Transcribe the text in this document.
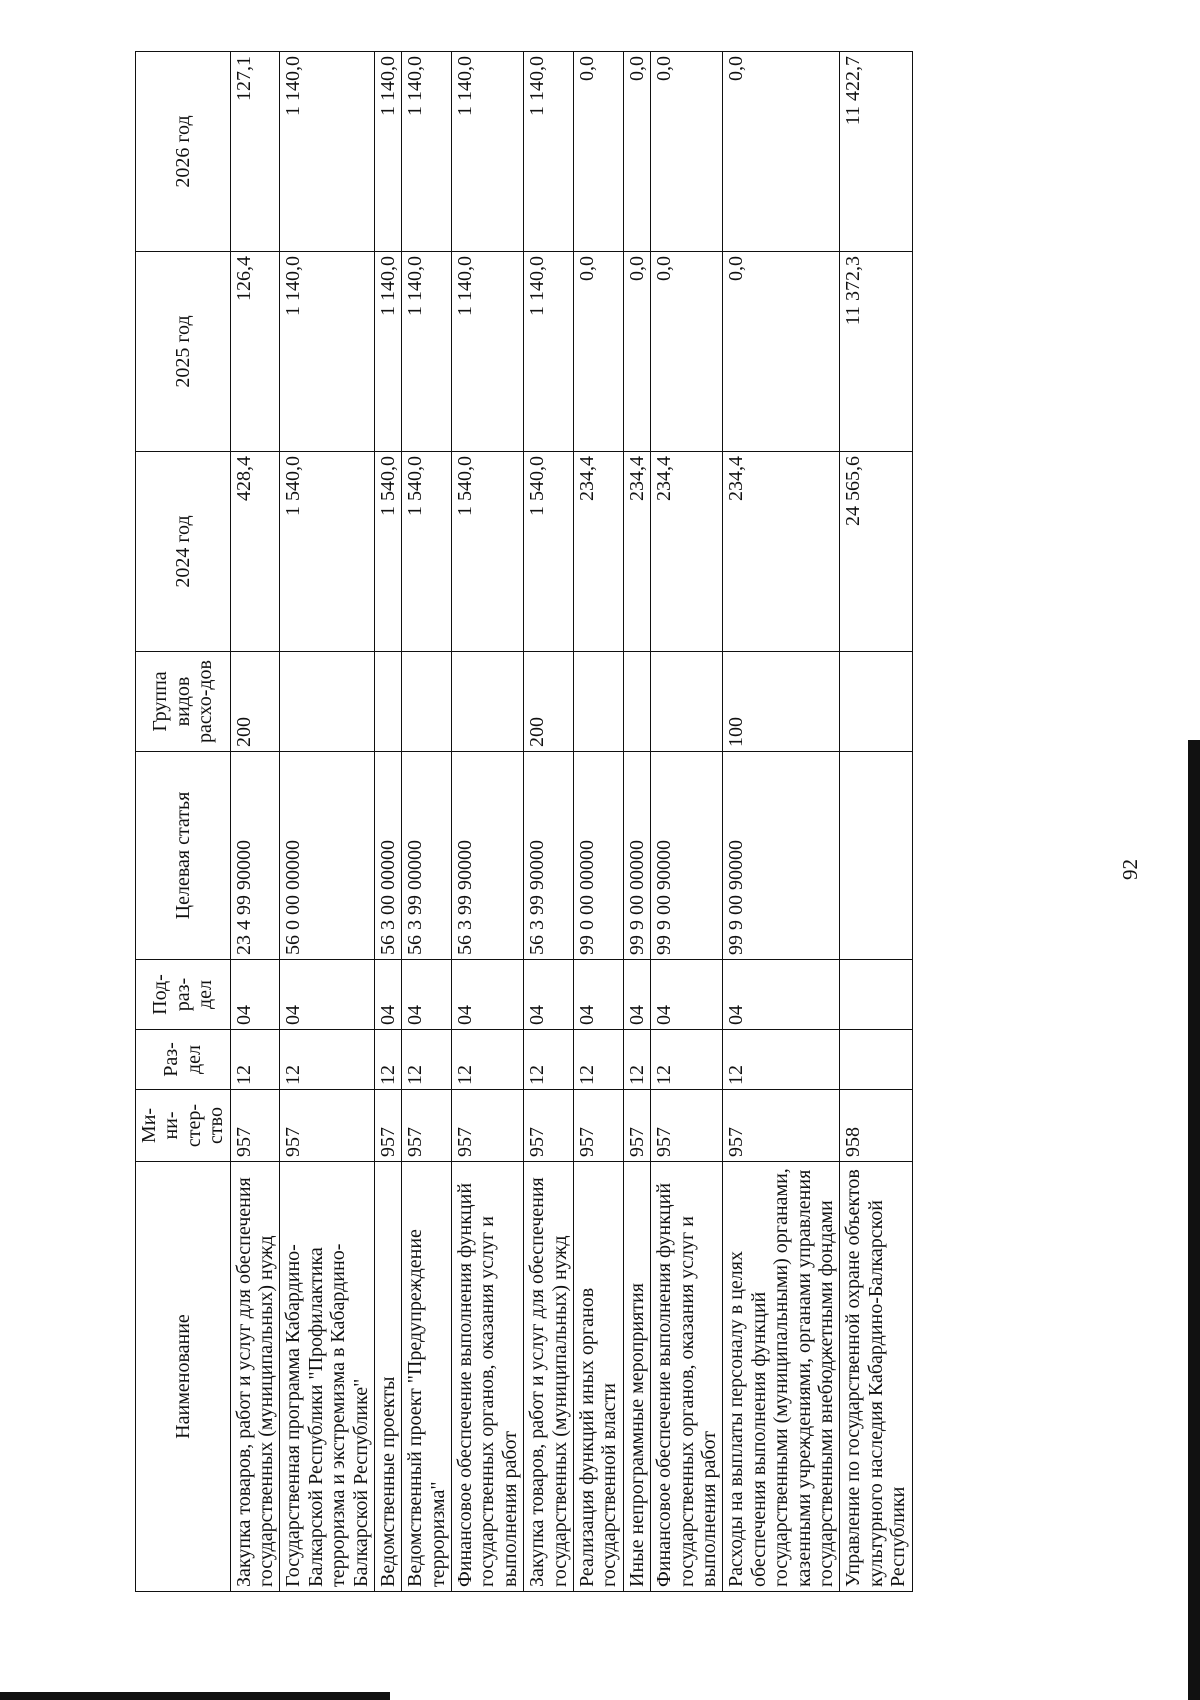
92
Наименование	Ми-ни-стер-ство	Раз-дел	Под-раз-дел	Целевая статья	Группа видов расхо-дов	2024 год	2025 год	2026 год
Закупка товаров, работ и услуг для обеспечения государственных (муниципальных) нужд	957	12	04	23 4 99 90000	200	428,4	126,4	127,1
Государственная программа Кабардино-Балкарской Республики "Профилактика терроризма и экстремизма в Кабардино-Балкарской Республике"	957	12	04	56 0 00 00000		1 540,0	1 140,0	1 140,0
Ведомственные проекты	957	12	04	56 3 00 00000		1 540,0	1 140,0	1 140,0
Ведомственный проект "Предупреждение терроризма"	957	12	04	56 3 99 00000		1 540,0	1 140,0	1 140,0
Финансовое обеспечение выполнения функций государственных органов, оказания услуг и выполнения работ	957	12	04	56 3 99 90000		1 540,0	1 140,0	1 140,0
Закупка товаров, работ и услуг для обеспечения государственных (муниципальных) нужд	957	12	04	56 3 99 90000	200	1 540,0	1 140,0	1 140,0
Реализация функций иных органов государственной власти	957	12	04	99 0 00 00000		234,4	0,0	0,0
Иные непрограммные мероприятия	957	12	04	99 9 00 00000		234,4	0,0	0,0
Финансовое обеспечение выполнения функций государственных органов, оказания услуг и выполнения работ	957	12	04	99 9 00 90000		234,4	0,0	0,0
Расходы на выплаты персоналу в целях обеспечения выполнения функций государственными (муниципальными) органами, казенными учреждениями, органами управления государственными внебюджетными фондами	957	12	04	99 9 00 90000	100	234,4	0,0	0,0
Управление по государственной охране объектов культурного наследия Кабардино-Балкарской Республики	958					24 565,6	11 372,3	11 422,7
